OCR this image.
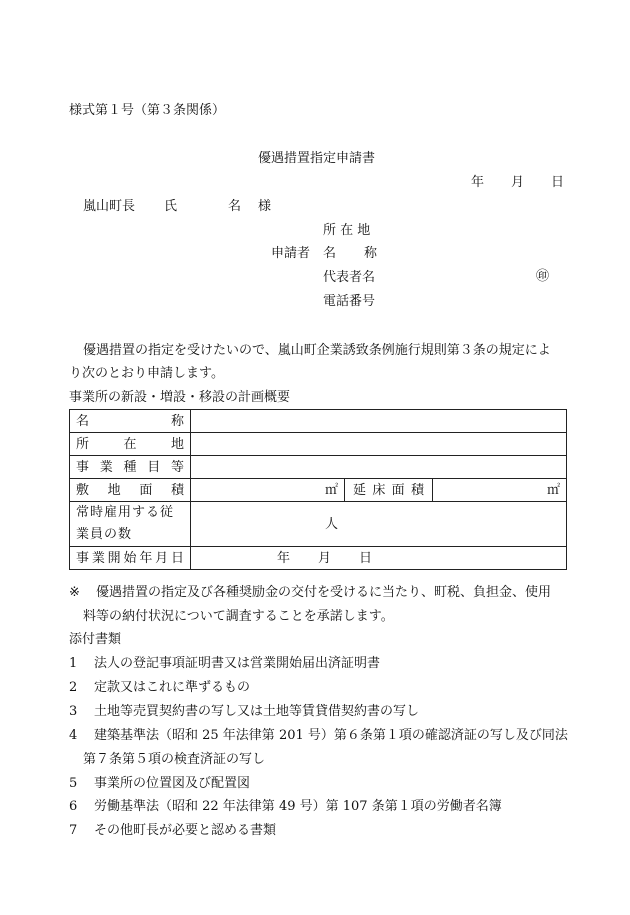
様式第１号（第３条関係）
優遇措置指定申請書
年 月 日
嵐山町長 氏	名 様
所 在 地
申請者 名 称
代表者名	㊞
電話番号
優遇措置の指定を受けたいので、嵐山町企業誘致条例施行規則第３条の規定によ
り次のとおり申請します。
事業所の新設・増設・移設の計画概要
名称			
所在地			
事業種目等			
敷地面積	㎡	延床面積	㎡
常時雇用する従業員の数	人		
事業開始年月日	年 月 日		
※ 優遇措置の指定及び各種奨励金の交付を受けるに当たり、町税、負担金、使用
料等の納付状況について調査することを承諾します。
添付書類
1 法人の登記事項証明書又は営業開始届出済証明書
2 定款又はこれに準ずるもの
3 土地等売買契約書の写し又は土地等賃貸借契約書の写し
4 建築基準法（昭和 25 年法律第 201 号）第６条第１項の確認済証の写し及び同法
第７条第５項の検査済証の写し
5 事業所の位置図及び配置図
6 労働基準法（昭和 22 年法律第 49 号）第 107 条第１項の労働者名簿
7 その他町長が必要と認める書類
